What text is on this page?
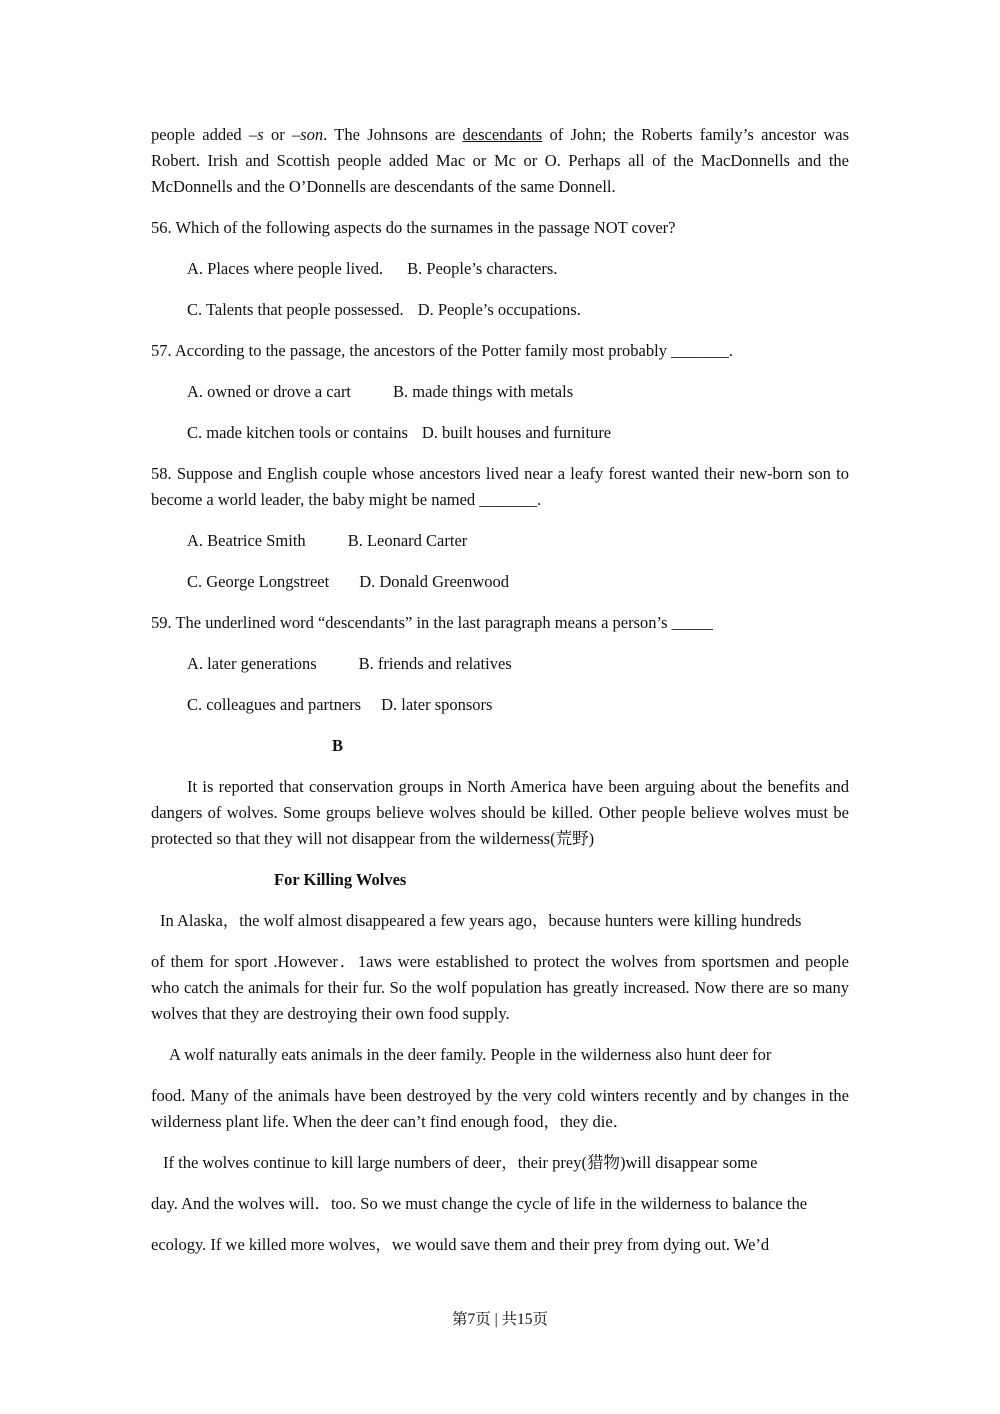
people added –s or –son. The Johnsons are descendants of John; the Roberts family’s ancestor was Robert. Irish and Scottish people added Mac or Mc or O. Perhaps all of the MacDonnells and the McDonnells and the O’Donnells are descendants of the same Donnell.

56. Which of the following aspects do the surnames in the passage NOT cover?

A. Places where people lived. B. People’s characters.
C. Talents that people possessed. D. People’s occupations.

57. According to the passage, the ancestors of the Potter family most probably _______.

A. owned or drove a cart	B. made things with metals
C. made kitchen tools or contains D. built houses and furniture

58. Suppose and English couple whose ancestors lived near a leafy forest wanted their new-born son to become a world leader, the baby might be named _______.

A. Beatrice Smith	B. Leonard Carter
C. George Longstreet D. Donald Greenwood

59. The underlined word “descendants” in the last paragraph means a person’s _____

A. later generations	B. friends and relatives
C. colleagues and partners D. later sponsors
B

It is reported that conservation groups in North America have been arguing about the benefits and dangers of wolves. Some groups believe wolves should be killed. Other people believe wolves must be protected so that they will not disappear from the wilderness(荒野)

For Killing Wolves

In Alaska，the wolf almost disappeared a few years ago，because hunters were killing hundreds

of them for sport .However．1aws were established to protect the wolves from sportsmen and people who catch the animals for their fur. So the wolf population has greatly increased. Now there are so many wolves that they are destroying their own food supply.

A wolf naturally eats animals in the deer family. People in the wilderness also hunt deer for

food. Many of the animals have been destroyed by the very cold winters recently and by changes in the wilderness plant life. When the deer can’t find enough food，they die．

If the wolves continue to kill large numbers of deer，their prey(猎物)will disappear some

day. And the wolves will．too. So we must change the cycle of life in the wilderness to balance the

ecology. If we killed more wolves，we would save them and their prey from dying out. We’d

第7页 | 共15页
